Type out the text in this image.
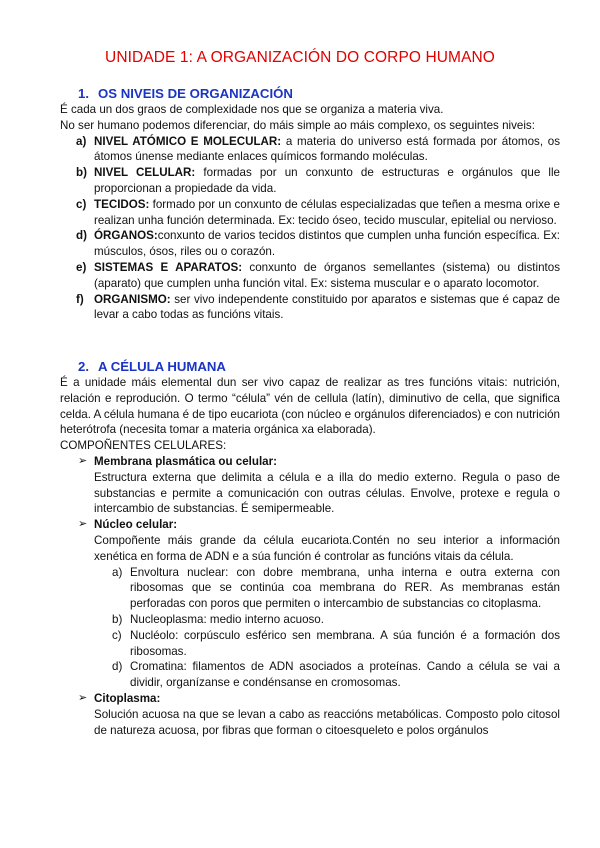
UNIDADE 1: A ORGANIZACIÓN DO CORPO HUMANO
1. OS NIVEIS DE ORGANIZACIÓN

É cada un dos graos de complexidade nos que se organiza a materia viva.

No ser humano podemos diferenciar, do máis simple ao máis complexo, os seguintes niveis:

a) NIVEL ATÓMICO E MOLECULAR: a materia do universo está formada por átomos, os átomos únense mediante enlaces químicos formando moléculas.
b) NIVEL CELULAR: formadas por un conxunto de estructuras e orgánulos que lle proporcionan a propiedade da vida.
c) TECIDOS: formado por un conxunto de células especializadas que teñen a mesma orixe e realizan unha función determinada. Ex: tecido óseo, tecido muscular, epitelial ou nervioso.
d) ÓRGANOS:conxunto de varios tecidos distintos que cumplen unha función específica. Ex: músculos, ósos, riles ou o corazón.
e) SISTEMAS E APARATOS: conxunto de órganos semellantes (sistema) ou distintos (aparato) que cumplen unha función vital. Ex: sistema muscular e o aparato locomotor.
f) ORGANISMO: ser vivo independente constituido por aparatos e sistemas que é capaz de levar a cabo todas as funcións vitais.
2. A CÉLULA HUMANA

É a unidade máis elemental dun ser vivo capaz de realizar as tres funcións vitais: nutrición, relación e reprodución. O termo “célula” vén de cellula (latín), diminutivo de cella, que significa celda. A célula humana é de tipo eucariota (con núcleo e orgánulos diferenciados) e con nutrición heterótrofa (necesita tomar a materia orgánica xa elaborada).

COMPOÑENTES CELULARES:

➢ Membrana plasmática ou celular:

Estructura externa que delimita a célula e a illa do medio externo. Regula o paso de substancias e permite a comunicación con outras células. Envolve, protexe e regula o intercambio de substancias. É semipermeable.

➢ Núcleo celular:

Compoñente máis grande da célula eucariota.Contén no seu interior a información xenética en forma de ADN e a súa función é controlar as funcións vitais da célula.

a) Envoltura nuclear: con dobre membrana, unha interna e outra externa con ribosomas que se continúa coa membrana do RER. As membranas están perforadas con poros que permiten o intercambio de substancias co citoplasma.
b) Nucleoplasma: medio interno acuoso.
c) Nucléolo: corpúsculo esférico sen membrana. A súa función é a formación dos ribosomas.
d) Cromatina: filamentos de ADN asociados a proteínas. Cando a célula se vai a dividir, organízanse e condénsanse en cromosomas.
➢ Citoplasma:

Solución acuosa na que se levan a cabo as reaccións metabólicas. Composto polo citosol de natureza acuosa, por fibras que forman o citoesqueleto e polos orgánulos
